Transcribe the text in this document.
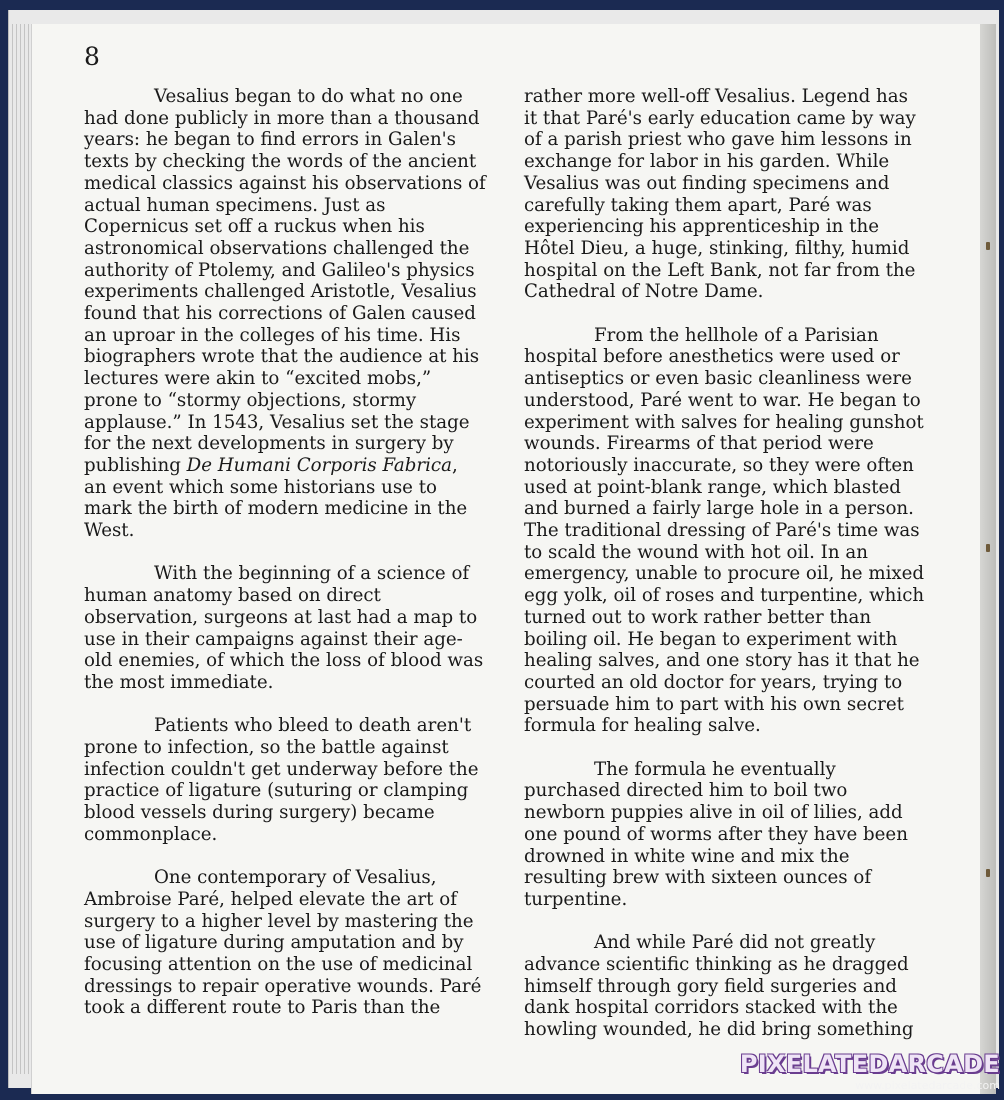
8

Vesalius began to do what no one had done publicly in more than a thousand years: he began to find errors in Galen's texts by checking the words of the ancient medical classics against his observations of actual human specimens. Just as Copernicus set off a ruckus when his astronomical observations challenged the authority of Ptolemy, and Galileo's physics experiments challenged Aristotle, Vesalius found that his corrections of Galen caused an uproar in the colleges of his time. His biographers wrote that the audience at his lectures were akin to “excited mobs,” prone to “stormy objections, stormy applause.” In 1543, Vesalius set the stage for the next developments in surgery by publishing De Humani Corporis Fabrica, an event which some historians use to mark the birth of modern medicine in the West.

With the beginning of a science of human anatomy based on direct observation, surgeons at last had a map to use in their campaigns against their age-old enemies, of which the loss of blood was the most immediate.

Patients who bleed to death aren't prone to infection, so the battle against infection couldn't get underway before the practice of ligature (suturing or clamping blood vessels during surgery) became commonplace.

One contemporary of Vesalius, Ambroise Paré, helped elevate the art of surgery to a higher level by mastering the use of ligature during amputation and by focusing attention on the use of medicinal dressings to repair operative wounds. Paré took a different route to Paris than the

rather more well-off Vesalius. Legend has it that Paré's early education came by way of a parish priest who gave him lessons in exchange for labor in his garden. While Vesalius was out finding specimens and carefully taking them apart, Paré was experiencing his apprenticeship in the Hôtel Dieu, a huge, stinking, filthy, humid hospital on the Left Bank, not far from the Cathedral of Notre Dame.

From the hellhole of a Parisian hospital before anesthetics were used or antiseptics or even basic cleanliness were understood, Paré went to war. He began to experiment with salves for healing gunshot wounds. Firearms of that period were notoriously inaccurate, so they were often used at point-blank range, which blasted and burned a fairly large hole in a person. The traditional dressing of Paré's time was to scald the wound with hot oil. In an emergency, unable to procure oil, he mixed egg yolk, oil of roses and turpentine, which turned out to work rather better than boiling oil. He began to experiment with healing salves, and one story has it that he courted an old doctor for years, trying to persuade him to part with his own secret formula for healing salve.

The formula he eventually purchased directed him to boil two newborn puppies alive in oil of lilies, add one pound of worms after they have been drowned in white wine and mix the resulting brew with sixteen ounces of turpentine.

And while Paré did not greatly advance scientific thinking as he dragged himself through gory field surgeries and dank hospital corridors stacked with the howling wounded, he did bring something

PIXELATEDARCADE
www.pixelatedarcade.com
